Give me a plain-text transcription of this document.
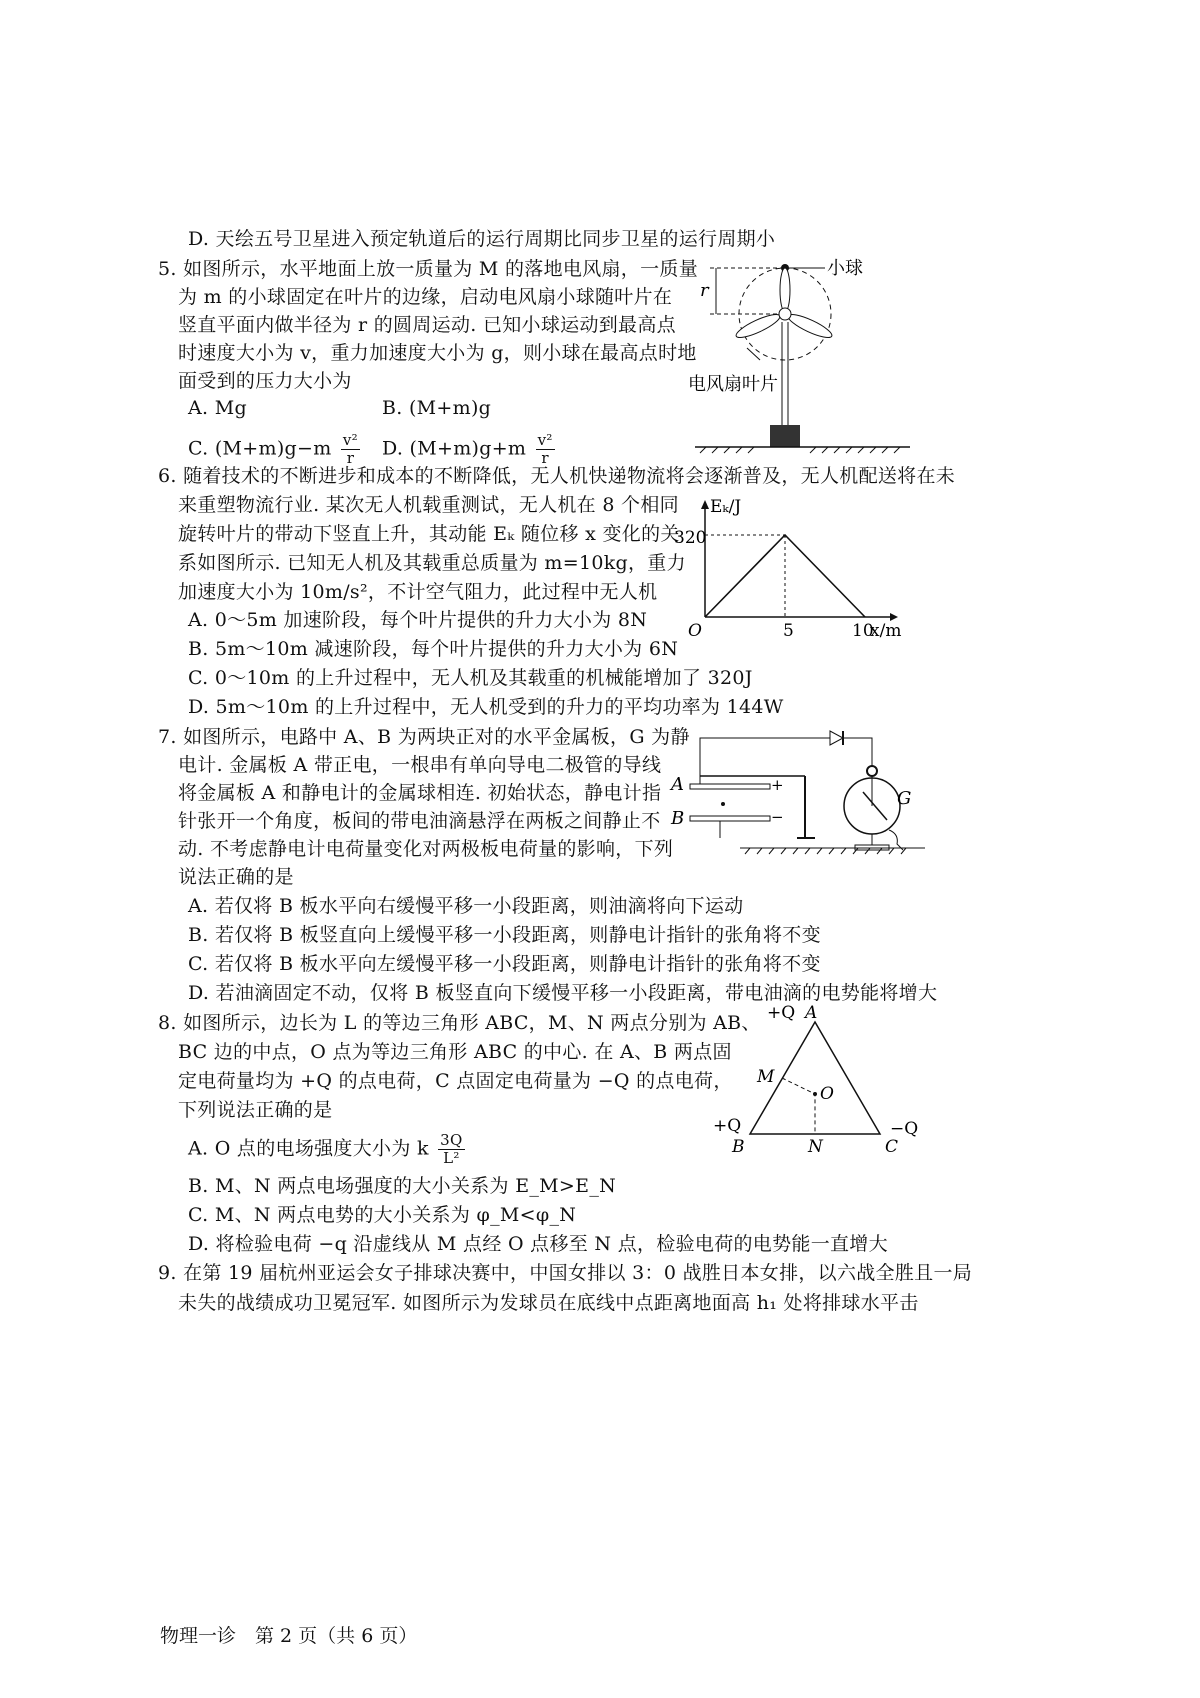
D. 天绘五号卫星进入预定轨道后的运行周期比同步卫星的运行周期小
5. 如图所示，水平地面上放一质量为 M 的落地电风扇，一质量
为 m 的小球固定在叶片的边缘，启动电风扇小球随叶片在
竖直平面内做半径为 r 的圆周运动. 已知小球运动到最高点
时速度大小为 v，重力加速度大小为 g，则小球在最高点时地
面受到的压力大小为
A. Mg	B. (M+m)g
C. $(M+m)g-m \frac{\text{v²}}{r} D$. $(M+m)g+m \frac{\text{v²}}{r}$
r
小球
电风扇叶片
6. 随着技术的不断进步和成本的不断降低，无人机快递物流将会逐渐普及，无人机配送将在未
来重塑物流行业. 某次无人机载重测试，无人机在 8 个相同
旋转叶片的带动下竖直上升，其动能 Eₖ 随位移 x 变化的关
系如图所示. 已知无人机及其载重总质量为 m=10kg，重力
加速度大小为 10m/s²，不计空气阻力，此过程中无人机
A. 0～5m 加速阶段，每个叶片提供的升力大小为 8N
B. 5m～10m 减速阶段，每个叶片提供的升力大小为 6N
C. 0～10m 的上升过程中，无人机及其载重的机械能增加了 320J
D. 5m～10m 的上升过程中，无人机受到的升力的平均功率为 144W
Eₖ/J
x/m
O
320
5	10
7. 如图所示，电路中 A、B 为两块正对的水平金属板，G 为静
电计. 金属板 A 带正电，一根串有单向导电二极管的导线
将金属板 A 和静电计的金属球相连. 初始状态，静电计指
针张开一个角度，板间的带电油滴悬浮在两板之间静止不
动. 不考虑静电计电荷量变化对两极板电荷量的影响，下列
说法正确的是
A. 若仅将 B 板水平向右缓慢平移一小段距离，则油滴将向下运动
B. 若仅将 B 板竖直向上缓慢平移一小段距离，则静电计指针的张角将不变
C. 若仅将 B 板水平向左缓慢平移一小段距离，则静电计指针的张角将不变
D. 若油滴固定不动，仅将 B 板竖直向下缓慢平移一小段距离，带电油滴的电势能将增大
G
+
−
A
B
8. 如图所示，边长为 L 的等边三角形 ABC，M、N 两点分别为 AB、
BC 边的中点，O 点为等边三角形 ABC 的中心. 在 A、B 两点固
定电荷量均为 +Q 的点电荷，C 点固定电荷量为 −Q 的点电荷，
下列说法正确的是
A. O 点的电场强度大小为 k $\frac{3Q}{\text{L²}}$
B. M、N 两点电场强度的大小关系为 E_M>E_N
C. M、N 两点电势的大小关系为 φ_M<φ_N
D. 将检验电荷 −q 沿虚线从 M 点经 O 点移至 N 点，检验电荷的电势能一直增大
+Q A
M
O
+Q
B	N	C
−Q
9. 在第 19 届杭州亚运会女子排球决赛中，中国女排以 3：0 战胜日本女排，以六战全胜且一局
未失的战绩成功卫冕冠军. 如图所示为发球员在底线中点距离地面高 h₁ 处将排球水平击
物理一诊　第 2 页（共 6 页）
